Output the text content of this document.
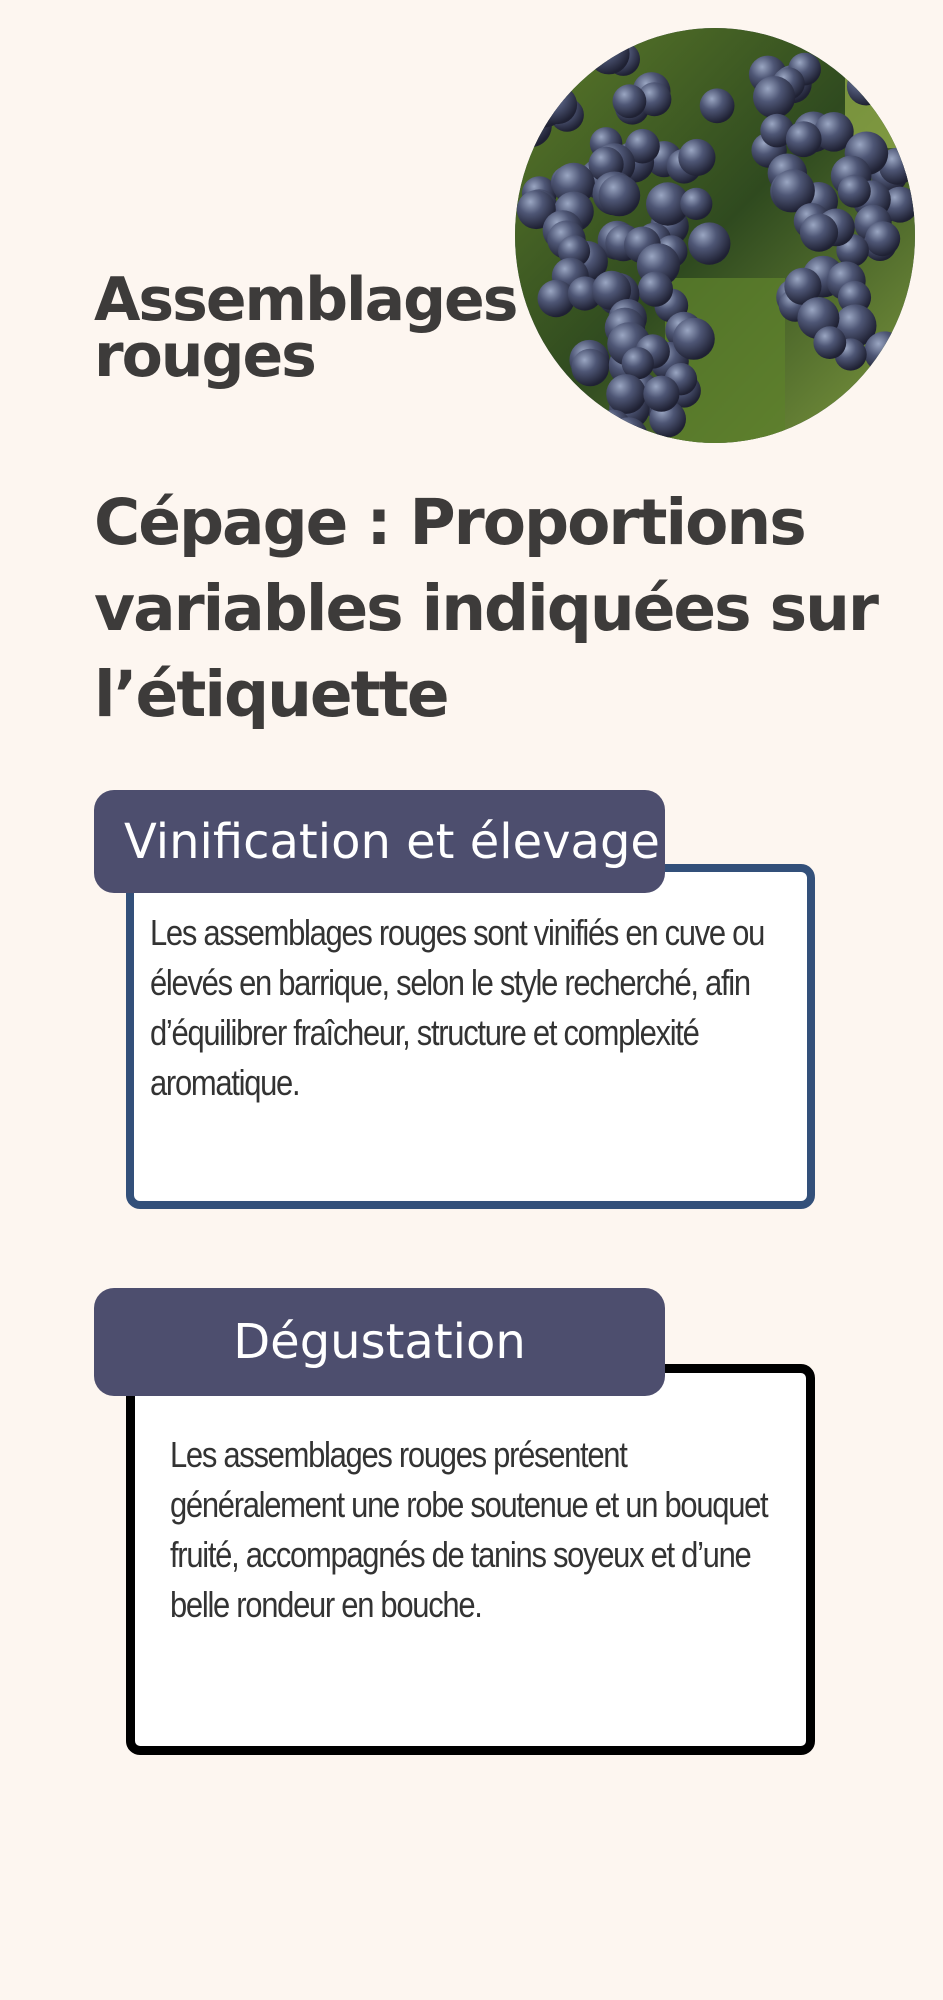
Assemblages rouges
Cépage : Proportions variables indiquées sur l’étiquette
Vinification et élevage

Les assemblages rouges sont vinifiés en cuve ou élevés en barrique, selon le style recherché, afin d’équilibrer fraîcheur, structure et complexité aromatique.

Dégustation

Les assemblages rouges présentent généralement une robe soutenue et un bouquet fruité, accompagnés de tanins soyeux et d’une belle rondeur en bouche.
